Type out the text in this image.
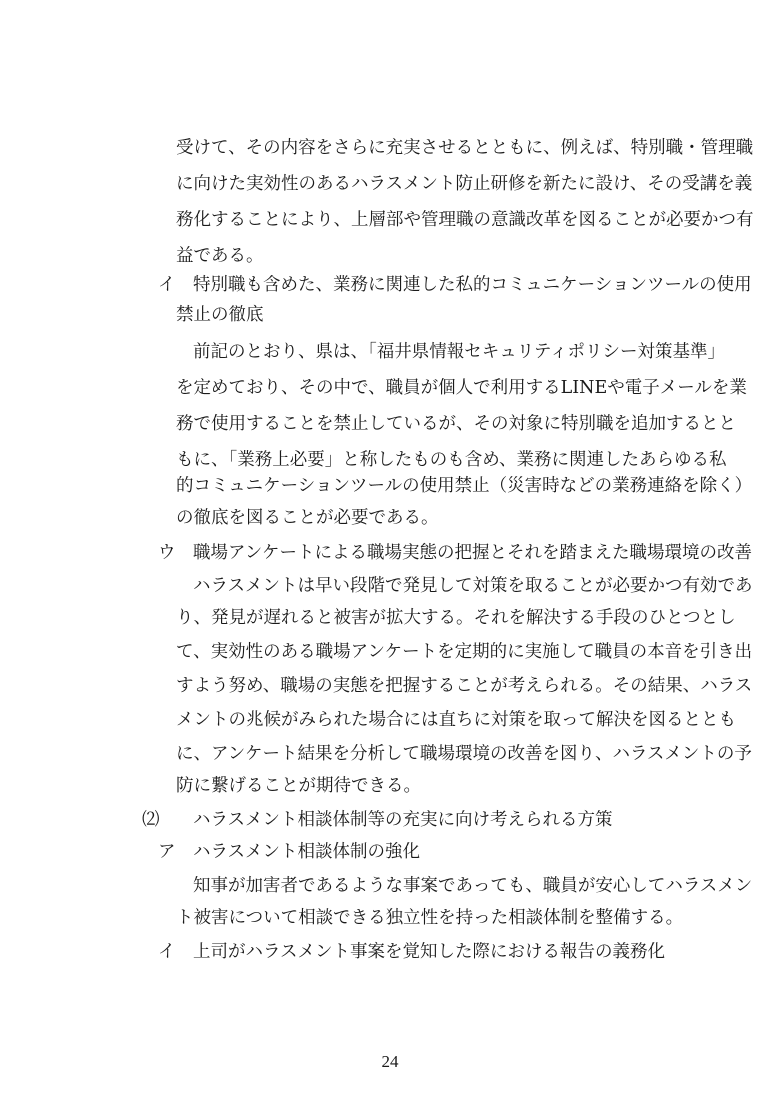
受けて、その内容をさらに充実させるとともに、例えば、特別職・管理職
に向けた実効性のあるハラスメント防止研修を新たに設け、その受講を義
務化することにより、上層部や管理職の意識改革を図ることが必要かつ有
益である。
イ 特別職も含めた、業務に関連した私的コミュニケーションツールの使用
禁止の徹底
前記のとおり、県は、「福井県情報セキュリティポリシー対策基準」
を定めており、その中で、職員が個人で利用するLINEや電子メールを業
務で使用することを禁止しているが、その対象に特別職を追加するとと
もに、「業務上必要」と称したものも含め、業務に関連したあらゆる私
的コミュニケーションツールの使用禁止（災害時などの業務連絡を除く）
の徹底を図ることが必要である。
ウ 職場アンケートによる職場実態の把握とそれを踏まえた職場環境の改善
ハラスメントは早い段階で発見して対策を取ることが必要かつ有効であ
り、発見が遅れると被害が拡大する。それを解決する手段のひとつとし
て、実効性のある職場アンケートを定期的に実施して職員の本音を引き出
すよう努め、職場の実態を把握することが考えられる。その結果、ハラス
メントの兆候がみられた場合には直ちに対策を取って解決を図るととも
に、アンケート結果を分析して職場環境の改善を図り、ハラスメントの予
防に繋げることが期待できる。
⑵ ハラスメント相談体制等の充実に向け考えられる方策
ア ハラスメント相談体制の強化
知事が加害者であるような事案であっても、職員が安心してハラスメン
ト被害について相談できる独立性を持った相談体制を整備する。
イ 上司がハラスメント事案を覚知した際における報告の義務化
24
